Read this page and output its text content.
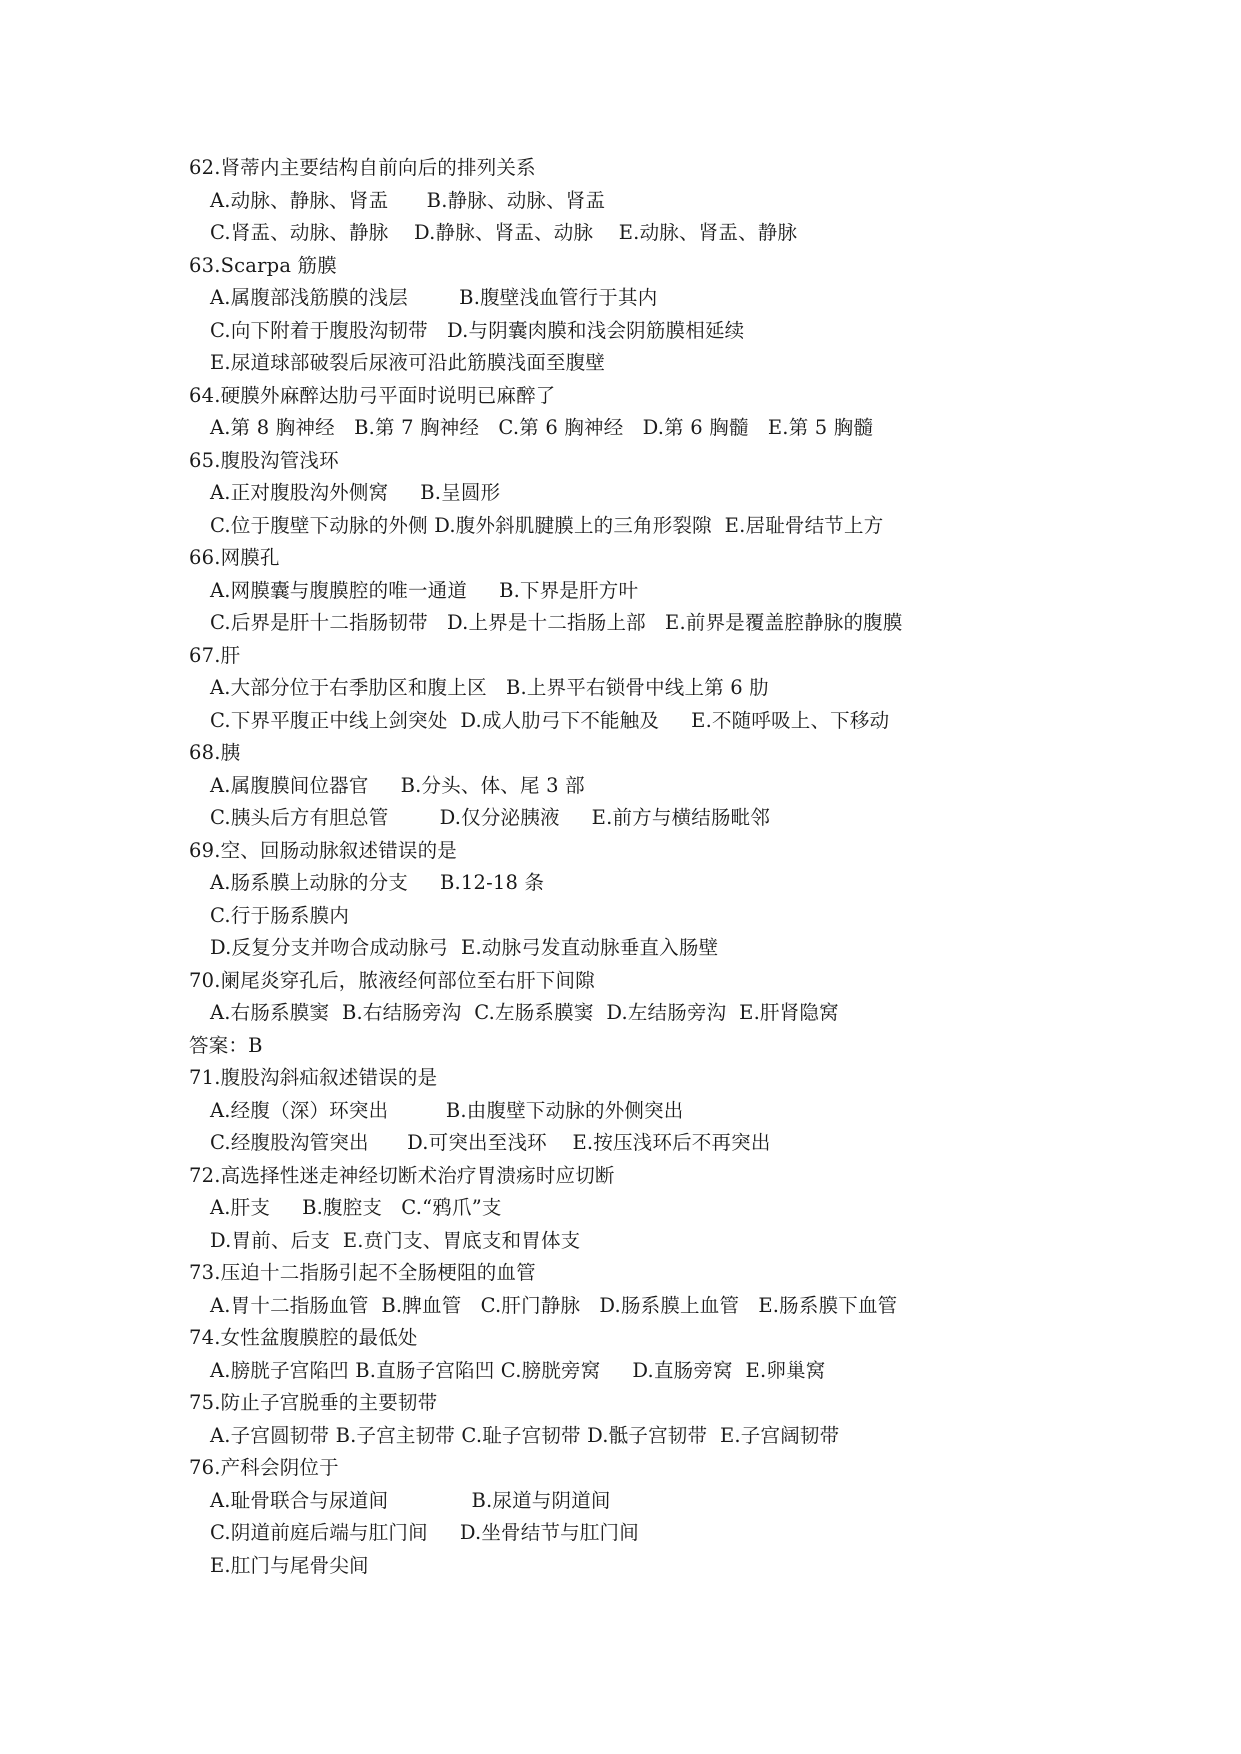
62.肾蒂内主要结构自前向后的排列关系
A.动脉、静脉、肾盂      B.静脉、动脉、肾盂
C.肾盂、动脉、静脉    D.静脉、肾盂、动脉    E.动脉、肾盂、静脉
63.Scarpa 筋膜
A.属腹部浅筋膜的浅层        B.腹壁浅血管行于其内
C.向下附着于腹股沟韧带   D.与阴囊肉膜和浅会阴筋膜相延续
E.尿道球部破裂后尿液可沿此筋膜浅面至腹壁
64.硬膜外麻醉达肋弓平面时说明已麻醉了
A.第 8 胸神经   B.第 7 胸神经   C.第 6 胸神经   D.第 6 胸髓   E.第 5 胸髓
65.腹股沟管浅环
A.正对腹股沟外侧窝     B.呈圆形
C.位于腹壁下动脉的外侧 D.腹外斜肌腱膜上的三角形裂隙  E.居耻骨结节上方
66.网膜孔
A.网膜囊与腹膜腔的唯一通道     B.下界是肝方叶
C.后界是肝十二指肠韧带   D.上界是十二指肠上部   E.前界是覆盖腔静脉的腹膜
67.肝
A.大部分位于右季肋区和腹上区   B.上界平右锁骨中线上第 6 肋
C.下界平腹正中线上剑突处  D.成人肋弓下不能触及     E.不随呼吸上、下移动
68.胰
A.属腹膜间位器官     B.分头、体、尾 3 部
C.胰头后方有胆总管        D.仅分泌胰液     E.前方与横结肠毗邻
69.空、回肠动脉叙述错误的是
A.肠系膜上动脉的分支     B.12-18 条
C.行于肠系膜内
D.反复分支并吻合成动脉弓  E.动脉弓发直动脉垂直入肠壁
70.阑尾炎穿孔后，脓液经何部位至右肝下间隙
A.右肠系膜窦  B.右结肠旁沟  C.左肠系膜窦  D.左结肠旁沟  E.肝肾隐窝
答案：B
71.腹股沟斜疝叙述错误的是
A.经腹（深）环突出         B.由腹壁下动脉的外侧突出
C.经腹股沟管突出      D.可突出至浅环    E.按压浅环后不再突出
72.高选择性迷走神经切断术治疗胃溃疡时应切断
A.肝支     B.腹腔支   C.“鸦爪”支
D.胃前、后支  E.贲门支、胃底支和胃体支
73.压迫十二指肠引起不全肠梗阻的血管
A.胃十二指肠血管  B.脾血管   C.肝门静脉   D.肠系膜上血管   E.肠系膜下血管
74.女性盆腹膜腔的最低处
A.膀胱子宫陷凹 B.直肠子宫陷凹 C.膀胱旁窝     D.直肠旁窝  E.卵巢窝
75.防止子宫脱垂的主要韧带
A.子宫圆韧带 B.子宫主韧带 C.耻子宫韧带 D.骶子宫韧带  E.子宫阔韧带
76.产科会阴位于
A.耻骨联合与尿道间             B.尿道与阴道间
C.阴道前庭后端与肛门间     D.坐骨结节与肛门间
E.肛门与尾骨尖间
